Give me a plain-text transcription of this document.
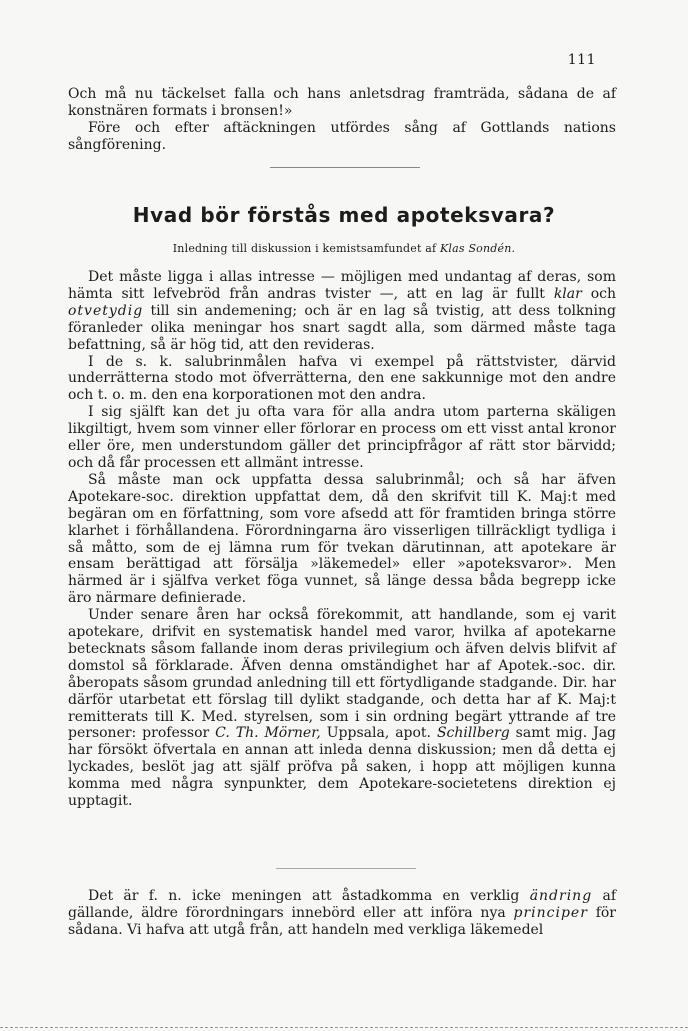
111

Och må nu täckelset falla och hans anletsdrag framträda, sådana de af konstnären formats i bronsen!»

Före och efter aftäckningen utfördes sång af Gottlands nations sångförening.

Hvad bör förstås med apoteksvara?
Inledning till diskussion i kemistsamfundet af Klas Sondén.

Det måste ligga i allas intresse — möjligen med undantag af deras, som hämta sitt lefvebröd från andras tvister —, att en lag är fullt klar och otvetydig till sin andemening; och är en lag så tvistig, att dess tolkning föranleder olika meningar hos snart sagdt alla, som därmed måste taga befattning, så är hög tid, att den revideras.

I de s. k. salubrinmålen hafva vi exempel på rättstvister, därvid underrätterna stodo mot öfverrätterna, den ene sakkunnige mot den andre och t. o. m. den ena korporationen mot den andra.

I sig själft kan det ju ofta vara för alla andra utom parterna skäligen likgiltigt, hvem som vinner eller förlorar en process om ett visst antal kronor eller öre, men understundom gäller det principfrågor af rätt stor bärvidd; och då får processen ett allmänt intresse.

Så måste man ock uppfatta dessa salubrinmål; och så har äfven Apotekare-soc. direktion uppfattat dem, då den skrifvit till K. Maj:t med begäran om en författning, som vore afsedd att för framtiden bringa större klarhet i förhållandena. Förordningarna äro visserligen tillräckligt tydliga i så måtto, som de ej lämna rum för tvekan därutinnan, att apotekare är ensam berättigad att försälja »läkemedel» eller »apoteksvaror». Men härmed är i själfva verket föga vunnet, så länge dessa båda begrepp icke äro närmare definierade.

Under senare åren har också förekommit, att handlande, som ej varit apotekare, drifvit en systematisk handel med varor, hvilka af apotekarne betecknats såsom fallande inom deras privilegium och äfven delvis blifvit af domstol så förklarade. Äfven denna omständighet har af Apotek.-soc. dir. åberopats såsom grundad anledning till ett förtydligande stadgande. Dir. har därför utarbetat ett förslag till dylikt stadgande, och detta har af K. Maj:t remitterats till K. Med. styrelsen, som i sin ordning begärt yttrande af tre personer: professor C. Th. Mörner, Uppsala, apot. Schillberg samt mig. Jag har försökt öfvertala en annan att inleda denna diskussion; men då detta ej lyckades, beslöt jag att själf pröfva på saken, i hopp att möjligen kunna komma med några synpunkter, dem Apotekare-societetens direktion ej upptagit.

Det är f. n. icke meningen att åstadkomma en verklig ändring af gällande, äldre förordningars innebörd eller att införa nya principer för sådana. Vi hafva att utgå från, att handeln med verkliga läkemedel
